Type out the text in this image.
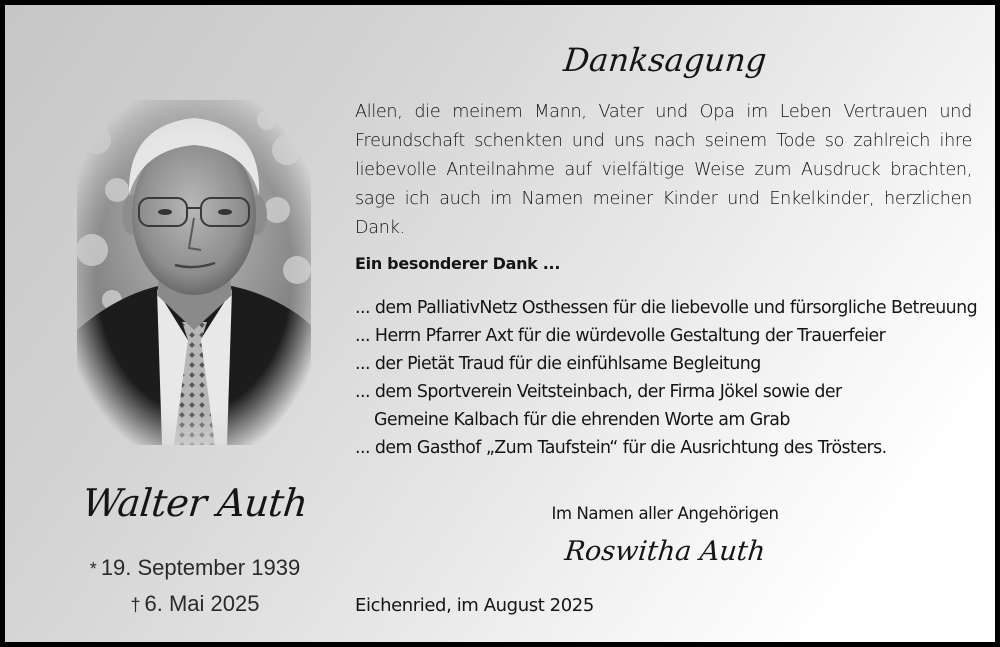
Walter Auth
* 19. September 1939
† 6. Mai 2025
Danksagung

Allen, die meinem Mann, Vater und Opa im Leben Vertrauen und Freundschaft schenkten und uns nach seinem Tode so zahlreich ihre liebevolle Anteilnahme auf vielfältige Weise zum Ausdruck brachten, sage ich auch im Namen meiner Kinder und Enkelkinder, herzlichen Dank.

Ein besonderer Dank ...
... dem PalliativNetz Osthessen für die liebevolle und fürsorgliche Betreuung
... Herrn Pfarrer Axt für die würdevolle Gestaltung der Trauerfeier
... der Pietät Traud für die einfühlsame Begleitung
... dem Sportverein Veitsteinbach, der Firma Jökel sowie der Gemeine Kalbach für die ehrenden Worte am Grab
... dem Gasthof „Zum Taufstein“ für die Ausrichtung des Trösters.
Im Namen aller Angehörigen
Roswitha Auth
Eichenried, im August 2025
